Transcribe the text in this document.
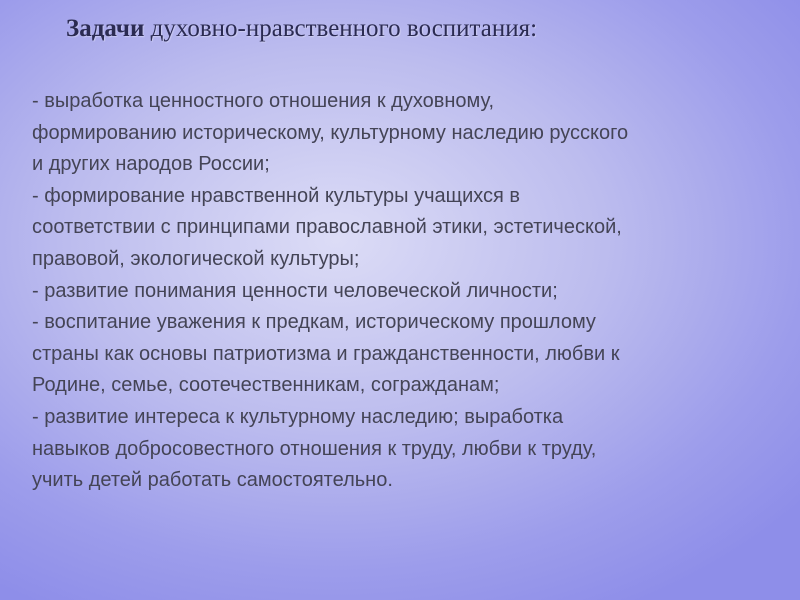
Задачи духовно-нравственного воспитания:
- выработка ценностного отношения к духовному,
формированию историческому, культурному наследию русского
и других народов России;
- формирование нравственной культуры учащихся в
соответствии с принципами православной этики, эстетической,
правовой, экологической культуры;
- развитие понимания ценности человеческой личности;
- воспитание уважения к предкам, историческому прошлому
страны как основы патриотизма и гражданственности, любви к
Родине, семье, соотечественникам, согражданам;
- развитие интереса к культурному наследию; выработка
навыков добросовестного отношения к труду, любви к труду,
учить детей работать самостоятельно.
